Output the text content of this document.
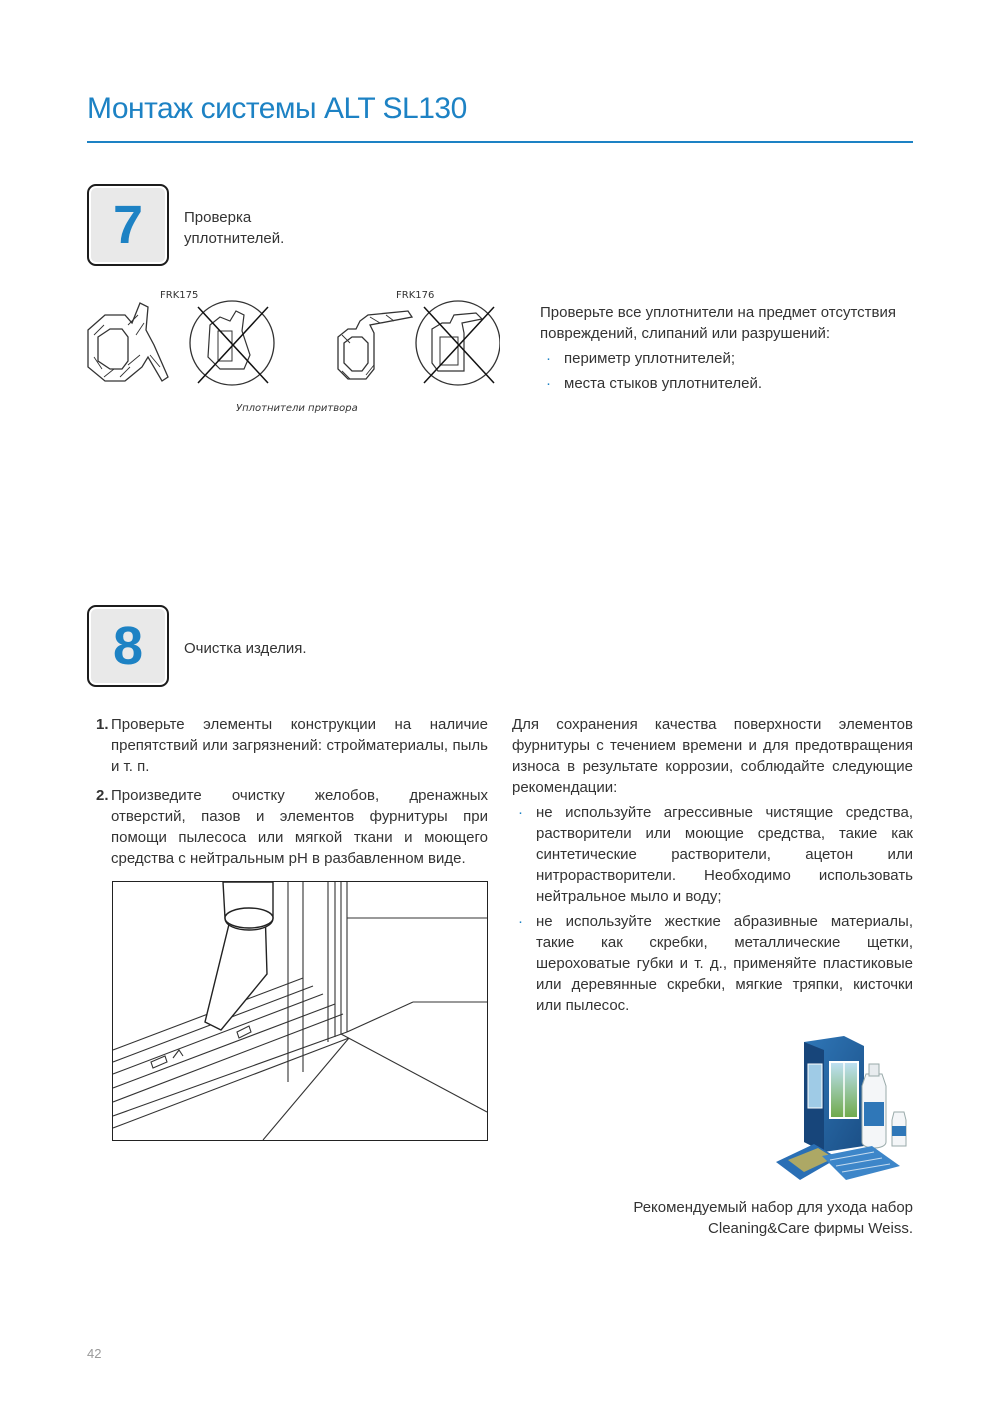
Монтаж системы ALT SL130
7	Проверка
уплотнителей.
FRK175	FRK176
Уплотнители притвора
Проверьте все уплотнители на предмет отсутствия повреждений, слипаний или разрушений:
· периметр уплотнителей;
· места стыков уплотнителей.
8	Очистка изделия.
1. Проверьте элементы конструкции на наличие препятствий или загрязнений: стройматериалы, пыль и т. п.
2. Произведите очистку желобов, дренажных отверстий, пазов и элементов фурнитуры при помощи пылесоса или мягкой ткани и моющего средства с нейтральным pH в разбавленном виде.
Для сохранения качества поверхности элементов фурнитуры с течением времени и для предотвращения износа в результате коррозии, соблюдайте следующие рекомендации:
· не используйте агрессивные чистящие средства, растворители или моющие средства, такие как синтетические растворители, ацетон или нитрорастворители. Необходимо использовать нейтральное мыло и воду;
· не используйте жесткие абразивные материалы, такие как скребки, металлические щетки, шероховатые губки и т. д., применяйте пластиковые или деревянные скребки, мягкие тряпки, кисточки или пылесос.
Рекомендуемый набор для ухода набор
Cleaning&Care фирмы Weiss.
42
